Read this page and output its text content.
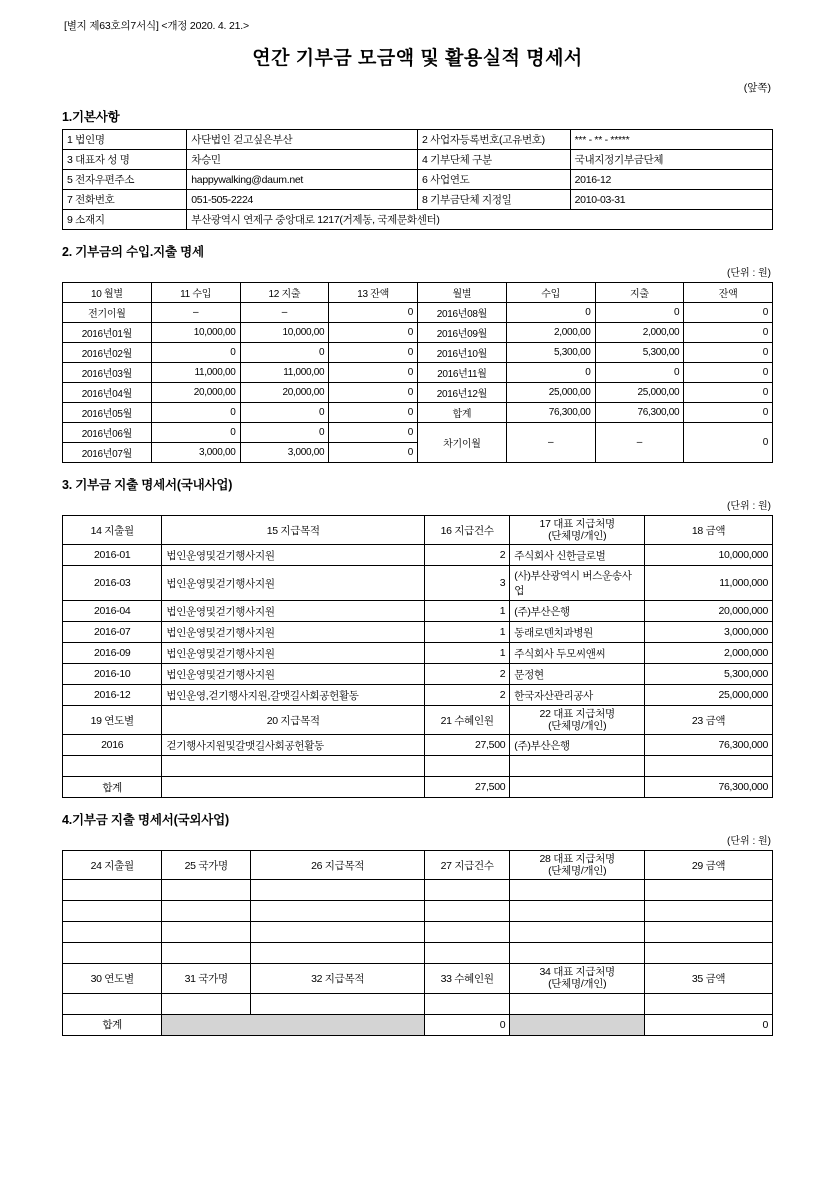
[별지 제63호의7서식] <개정 2020. 4. 21.>
연간 기부금 모금액 및 활용실적 명세서
(앞쪽)
1.기본사항
1 법인명	사단법인 걷고싶은부산	2 사업자등록번호(고유번호)	*** - ** - *****
3 대표자 성 명	차승민	4 기부단체 구분	국내지정기부금단체
5 전자우편주소	happywalking@daum.net	6 사업연도	2016-12
7 전화번호	051-505-2224	8 기부금단체 지정일	2010-03-31
9 소재지	부산광역시 연제구 중앙대로 1217(거제동, 국제문화센터)		
2. 기부금의 수입.지출 명세
(단위 : 원)
10 월별	11 수입	12 지출	13 잔액	월별	수입	지출	잔액
전기이월	–	–	0	2016년08월	0	0	0
2016년01월	10,000,00	10,000,00	0	2016년09월	2,000,00	2,000,00	0
2016년02월	0	0	0	2016년10월	5,300,00	5,300,00	0
2016년03월	11,000,00	11,000,00	0	2016년11월	0	0	0
2016년04월	20,000,00	20,000,00	0	2016년12월	25,000,00	25,000,00	0
2016년05월	0	0	0	합계	76,300,00	76,300,00	0
2016년06월	0	0	0	차기이월	–	–	0
2016년07월	3,000,00	3,000,00	0				
3. 기부금 지출 명세서(국내사업)
(단위 : 원)
14 지출월	15 지급목적	16 지급건수	17 대표 지급처명
(단체명/개인)	18 금액
2016-01	법인운영및걷기행사지원	2	주식회사 신한글로벌	10,000,000
2016-03	법인운영및걷기행사지원	3	(사)부산광역시 버스운송사업	11,000,000
2016-04	법인운영및걷기행사지원	1	(주)부산은행	20,000,000
2016-07	법인운영및걷기행사지원	1	동래로덴치과병원	3,000,000
2016-09	법인운영및걷기행사지원	1	주식회사 두모씨앤씨	2,000,000
2016-10	법인운영및걷기행사지원	2	문정현	5,300,000
2016-12	법인운영,걷기행사지원,갈맷길사회공헌활동	2	한국자산관리공사	25,000,000
19 연도별	20 지급목적	21 수혜인원	22 대표 지급처명
(단체명/개인)	23 금액
2016	걷기행사지원및갈맷길사회공헌활동	27,500	(주)부산은행	76,300,000

합계		27,500		76,300,000
4.기부금 지출 명세서(국외사업)
(단위 : 원)
24 지출월	25 국가명	26 지급목적	27 지급건수	28 대표 지급처명
(단체명/개인)	29 금액

30 연도별	31 국가명	32 지급목적	33 수혜인원	34 대표 지급처명
(단체명/개인)	35 금액

합계			0		0
